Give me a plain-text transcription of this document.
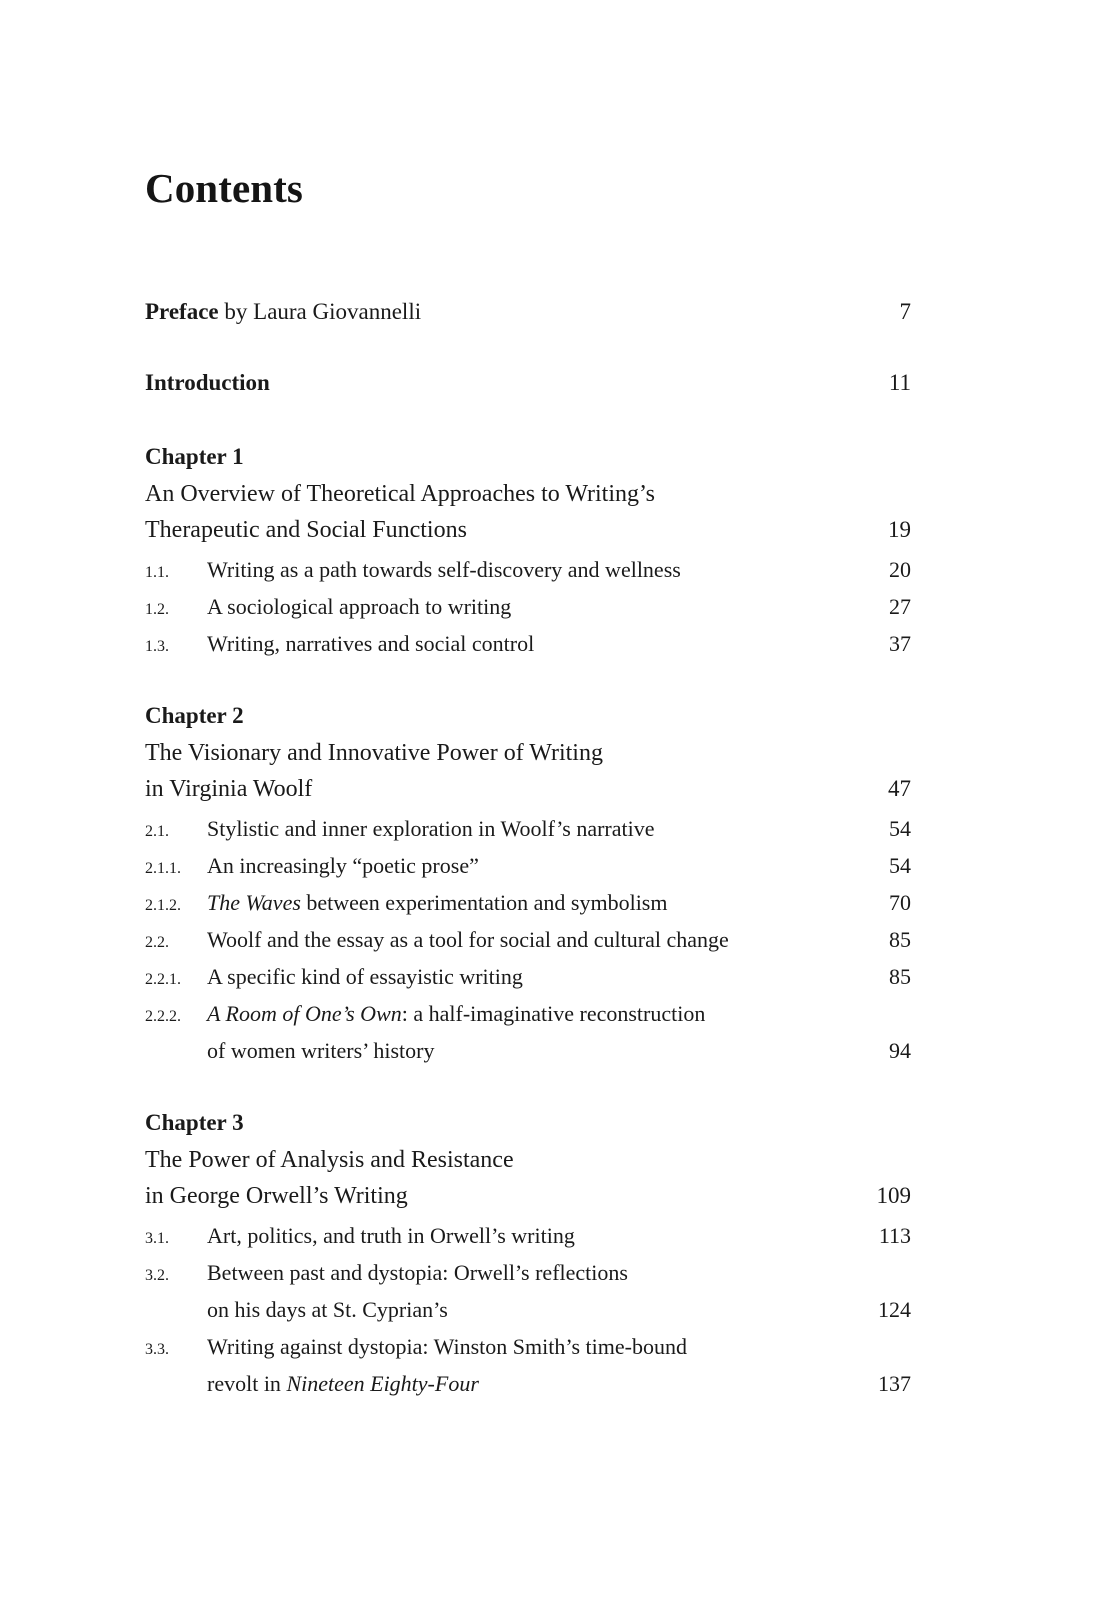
Contents
Preface by Laura Giovannelli	7
Introduction	11
Chapter 1
An Overview of Theoretical Approaches to Writing’s
Therapeutic and Social Functions	19
1.1.	Writing as a path towards self-discovery and wellness	20
1.2.	A sociological approach to writing	27
1.3.	Writing, narratives and social control	37
Chapter 2
The Visionary and Innovative Power of Writing
in Virginia Woolf	47
2.1.	Stylistic and inner exploration in Woolf’s narrative	54
2.1.1.	An increasingly “poetic prose”	54
2.1.2.	The Waves between experimentation and symbolism	70
2.2.	Woolf and the essay as a tool for social and cultural change	85
2.2.1.	A specific kind of essayistic writing	85
2.2.2.	A Room of One’s Own: a half-imaginative reconstruction
of women writers’ history	94
Chapter 3
The Power of Analysis and Resistance
in George Orwell’s Writing	109
3.1.	Art, politics, and truth in Orwell’s writing	113
3.2.	Between past and dystopia: Orwell’s reflections
on his days at St. Cyprian’s	124
3.3.	Writing against dystopia: Winston Smith’s time-bound
revolt in Nineteen Eighty-Four	137
